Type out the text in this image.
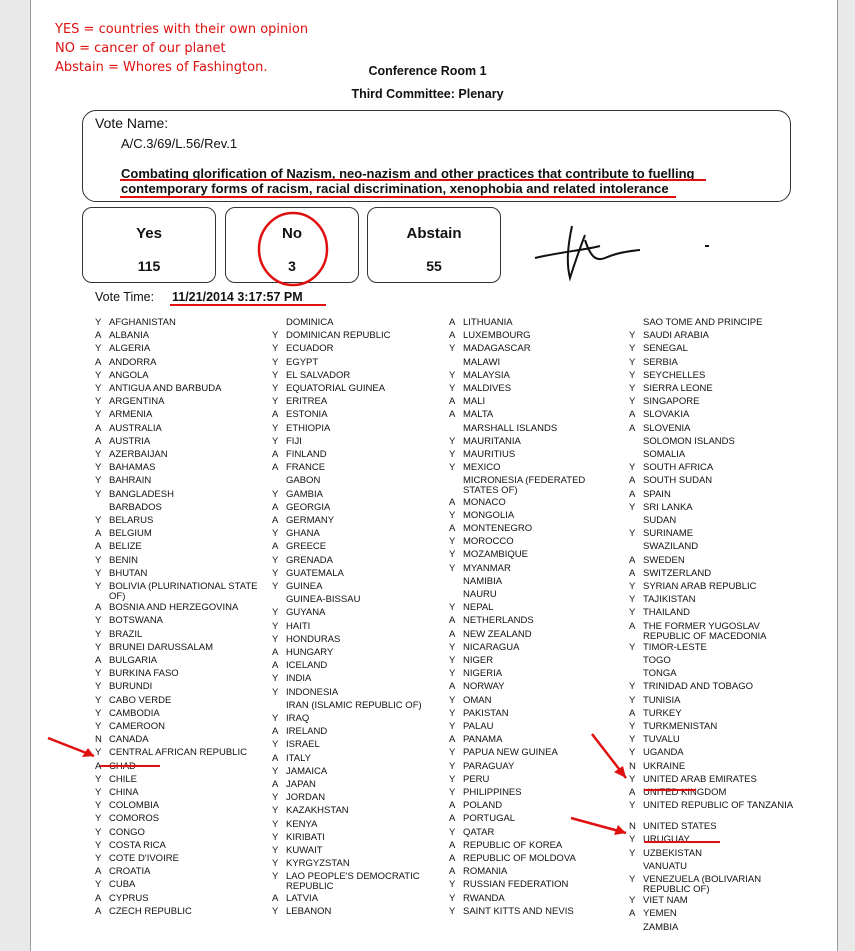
YES = countries with their own opinion
NO = cancer of our planet
Abstain = Whores of Fashington.	Conference Room 1
Third Committee: Plenary
Vote Name:
A/C.3/69/L.56/Rev.1
Combating glorification of Nazism, neo-nazism and other practices that contribute to fuelling
contemporary forms of racism, racial discrimination, xenophobia and related intolerance
Yes
115
No
3
Abstain
55
Vote Time: 11/21/2014 3:17:57 PM
Y AFGHANISTAN
A ALBANIA
Y ALGERIA
A ANDORRA
Y ANGOLA
Y ANTIGUA AND BARBUDA
Y ARGENTINA
Y ARMENIA
A AUSTRALIA
A AUSTRIA
Y AZERBAIJAN
Y BAHAMAS
Y BAHRAIN
Y BANGLADESH
BARBADOS
Y BELARUS
A BELGIUM
A BELIZE
Y BENIN
Y BHUTAN
Y BOLIVIA (PLURINATIONAL STATE OF)
A BOSNIA AND HERZEGOVINA
Y BOTSWANA
Y BRAZIL
Y BRUNEI DARUSSALAM
A BULGARIA
Y BURKINA FASO
Y BURUNDI
Y CABO VERDE
Y CAMBODIA
Y CAMEROON
N CANADA
Y CENTRAL AFRICAN REPUBLIC
A CHAD
Y CHILE
Y CHINA
Y COLOMBIA
Y COMOROS
Y CONGO
Y COSTA RICA
Y COTE D'IVOIRE
A CROATIA
Y CUBA
A CYPRUS
A CZECH REPUBLIC
DOMINICA
Y DOMINICAN REPUBLIC
Y ECUADOR
Y EGYPT
Y EL SALVADOR
Y EQUATORIAL GUINEA
Y ERITREA
A ESTONIA
Y ETHIOPIA
Y FIJI
A FINLAND
A FRANCE
GABON
Y GAMBIA
A GEORGIA
A GERMANY
Y GHANA
A GREECE
Y GRENADA
Y GUATEMALA
Y GUINEA
GUINEA-BISSAU
Y GUYANA
Y HAITI
Y HONDURAS
A HUNGARY
A ICELAND
Y INDIA
Y INDONESIA
IRAN (ISLAMIC REPUBLIC OF)
Y IRAQ
A IRELAND
Y ISRAEL
A ITALY
Y JAMAICA
A JAPAN
Y JORDAN
Y KAZAKHSTAN
Y KENYA
Y KIRIBATI
Y KUWAIT
Y KYRGYZSTAN
Y LAO PEOPLE'S DEMOCRATIC REPUBLIC
A LATVIA
Y LEBANON
A LITHUANIA
A LUXEMBOURG
Y MADAGASCAR
MALAWI
Y MALAYSIA
Y MALDIVES
A MALI
A MALTA
MARSHALL ISLANDS
Y MAURITANIA
Y MAURITIUS
Y MEXICO
MICRONESIA (FEDERATED STATES OF)
A MONACO
Y MONGOLIA
A MONTENEGRO
Y MOROCCO
Y MOZAMBIQUE
Y MYANMAR
NAMIBIA
NAURU
Y NEPAL
A NETHERLANDS
A NEW ZEALAND
Y NICARAGUA
Y NIGER
Y NIGERIA
A NORWAY
Y OMAN
Y PAKISTAN
Y PALAU
A PANAMA
Y PAPUA NEW GUINEA
Y PARAGUAY
Y PERU
Y PHILIPPINES
A POLAND
A PORTUGAL
Y QATAR
A REPUBLIC OF KOREA
A REPUBLIC OF MOLDOVA
A ROMANIA
Y RUSSIAN FEDERATION
Y RWANDA
Y SAINT KITTS AND NEVIS
SAO TOME AND PRINCIPE
Y SAUDI ARABIA
Y SENEGAL
Y SERBIA
Y SEYCHELLES
Y SIERRA LEONE
Y SINGAPORE
A SLOVAKIA
A SLOVENIA
SOLOMON ISLANDS
SOMALIA
Y SOUTH AFRICA
A SOUTH SUDAN
A SPAIN
Y SRI LANKA
SUDAN
Y SURINAME
SWAZILAND
A SWEDEN
A SWITZERLAND
Y SYRIAN ARAB REPUBLIC
Y TAJIKISTAN
Y THAILAND
A THE FORMER YUGOSLAV REPUBLIC OF MACEDONIA
Y TIMOR-LESTE
TOGO
TONGA
Y TRINIDAD AND TOBAGO
Y TUNISIA
A TURKEY
Y TURKMENISTAN
Y TUVALU
Y UGANDA
N UKRAINE
Y UNITED ARAB EMIRATES
A UNITED KINGDOM
Y UNITED REPUBLIC OF TANZANIA
N UNITED STATES
Y URUGUAY
Y UZBEKISTAN
VANUATU
Y VENEZUELA (BOLIVARIAN REPUBLIC OF)
Y VIET NAM
A YEMEN
ZAMBIA
